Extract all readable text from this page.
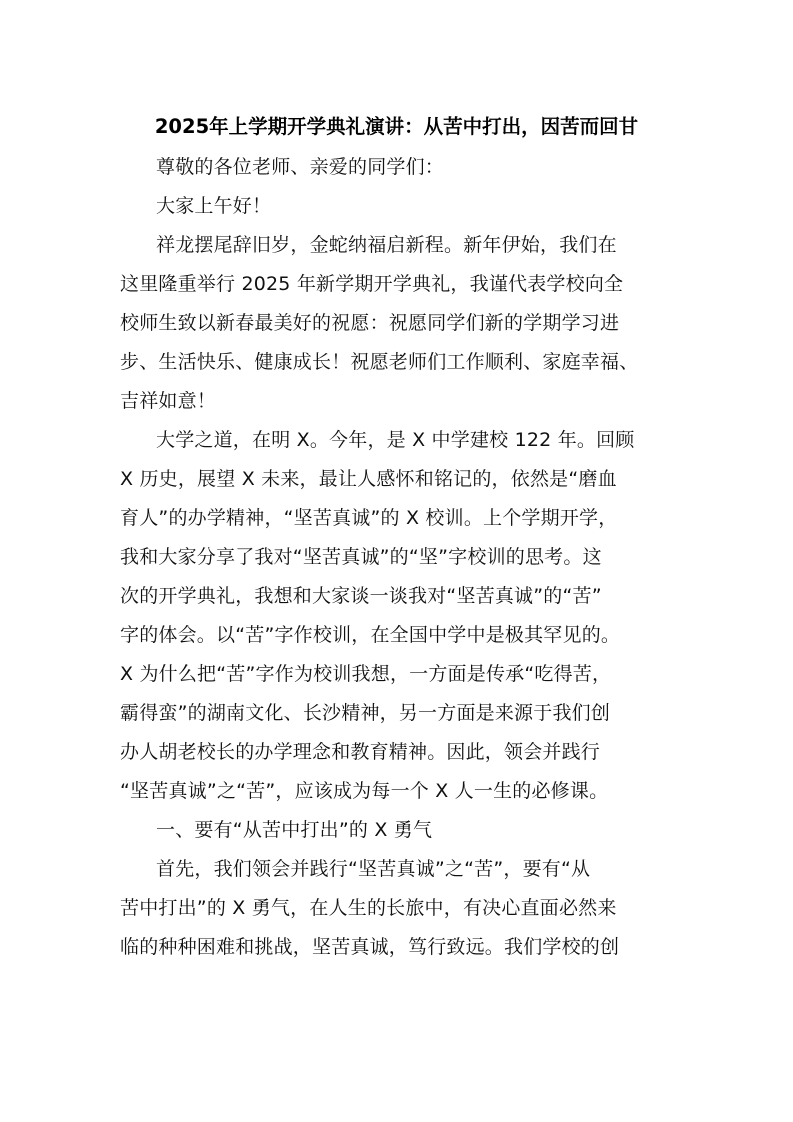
2025年上学期开学典礼演讲：从苦中打出，因苦而回甘
尊敬的各位老师、亲爱的同学们：
大家上午好！
祥龙摆尾辞旧岁，金蛇纳福启新程。新年伊始，我们在
这里隆重举行 2025 年新学期开学典礼，我谨代表学校向全
校师生致以新春最美好的祝愿：祝愿同学们新的学期学习进
步、生活快乐、健康成长！祝愿老师们工作顺利、家庭幸福、
吉祥如意！
大学之道，在明 X。今年，是 X 中学建校 122 年。回顾
X 历史，展望 X 未来，最让人感怀和铭记的，依然是“磨血
育人”的办学精神，“坚苦真诚”的 X 校训。上个学期开学，
我和大家分享了我对“坚苦真诚”的“坚”字校训的思考。这
次的开学典礼，我想和大家谈一谈我对“坚苦真诚”的“苦”
字的体会。以“苦”字作校训，在全国中学中是极其罕见的。
X 为什么把“苦”字作为校训我想，一方面是传承“吃得苦，
霸得蛮”的湖南文化、长沙精神，另一方面是来源于我们创
办人胡老校长的办学理念和教育精神。因此，领会并践行
“坚苦真诚”之“苦”，应该成为每一个 X 人一生的必修课。
一、要有“从苦中打出”的 X 勇气
首先，我们领会并践行“坚苦真诚”之“苦”，要有“从
苦中打出”的 X 勇气，在人生的长旅中，有决心直面必然来
临的种种困难和挑战，坚苦真诚，笃行致远。我们学校的创
